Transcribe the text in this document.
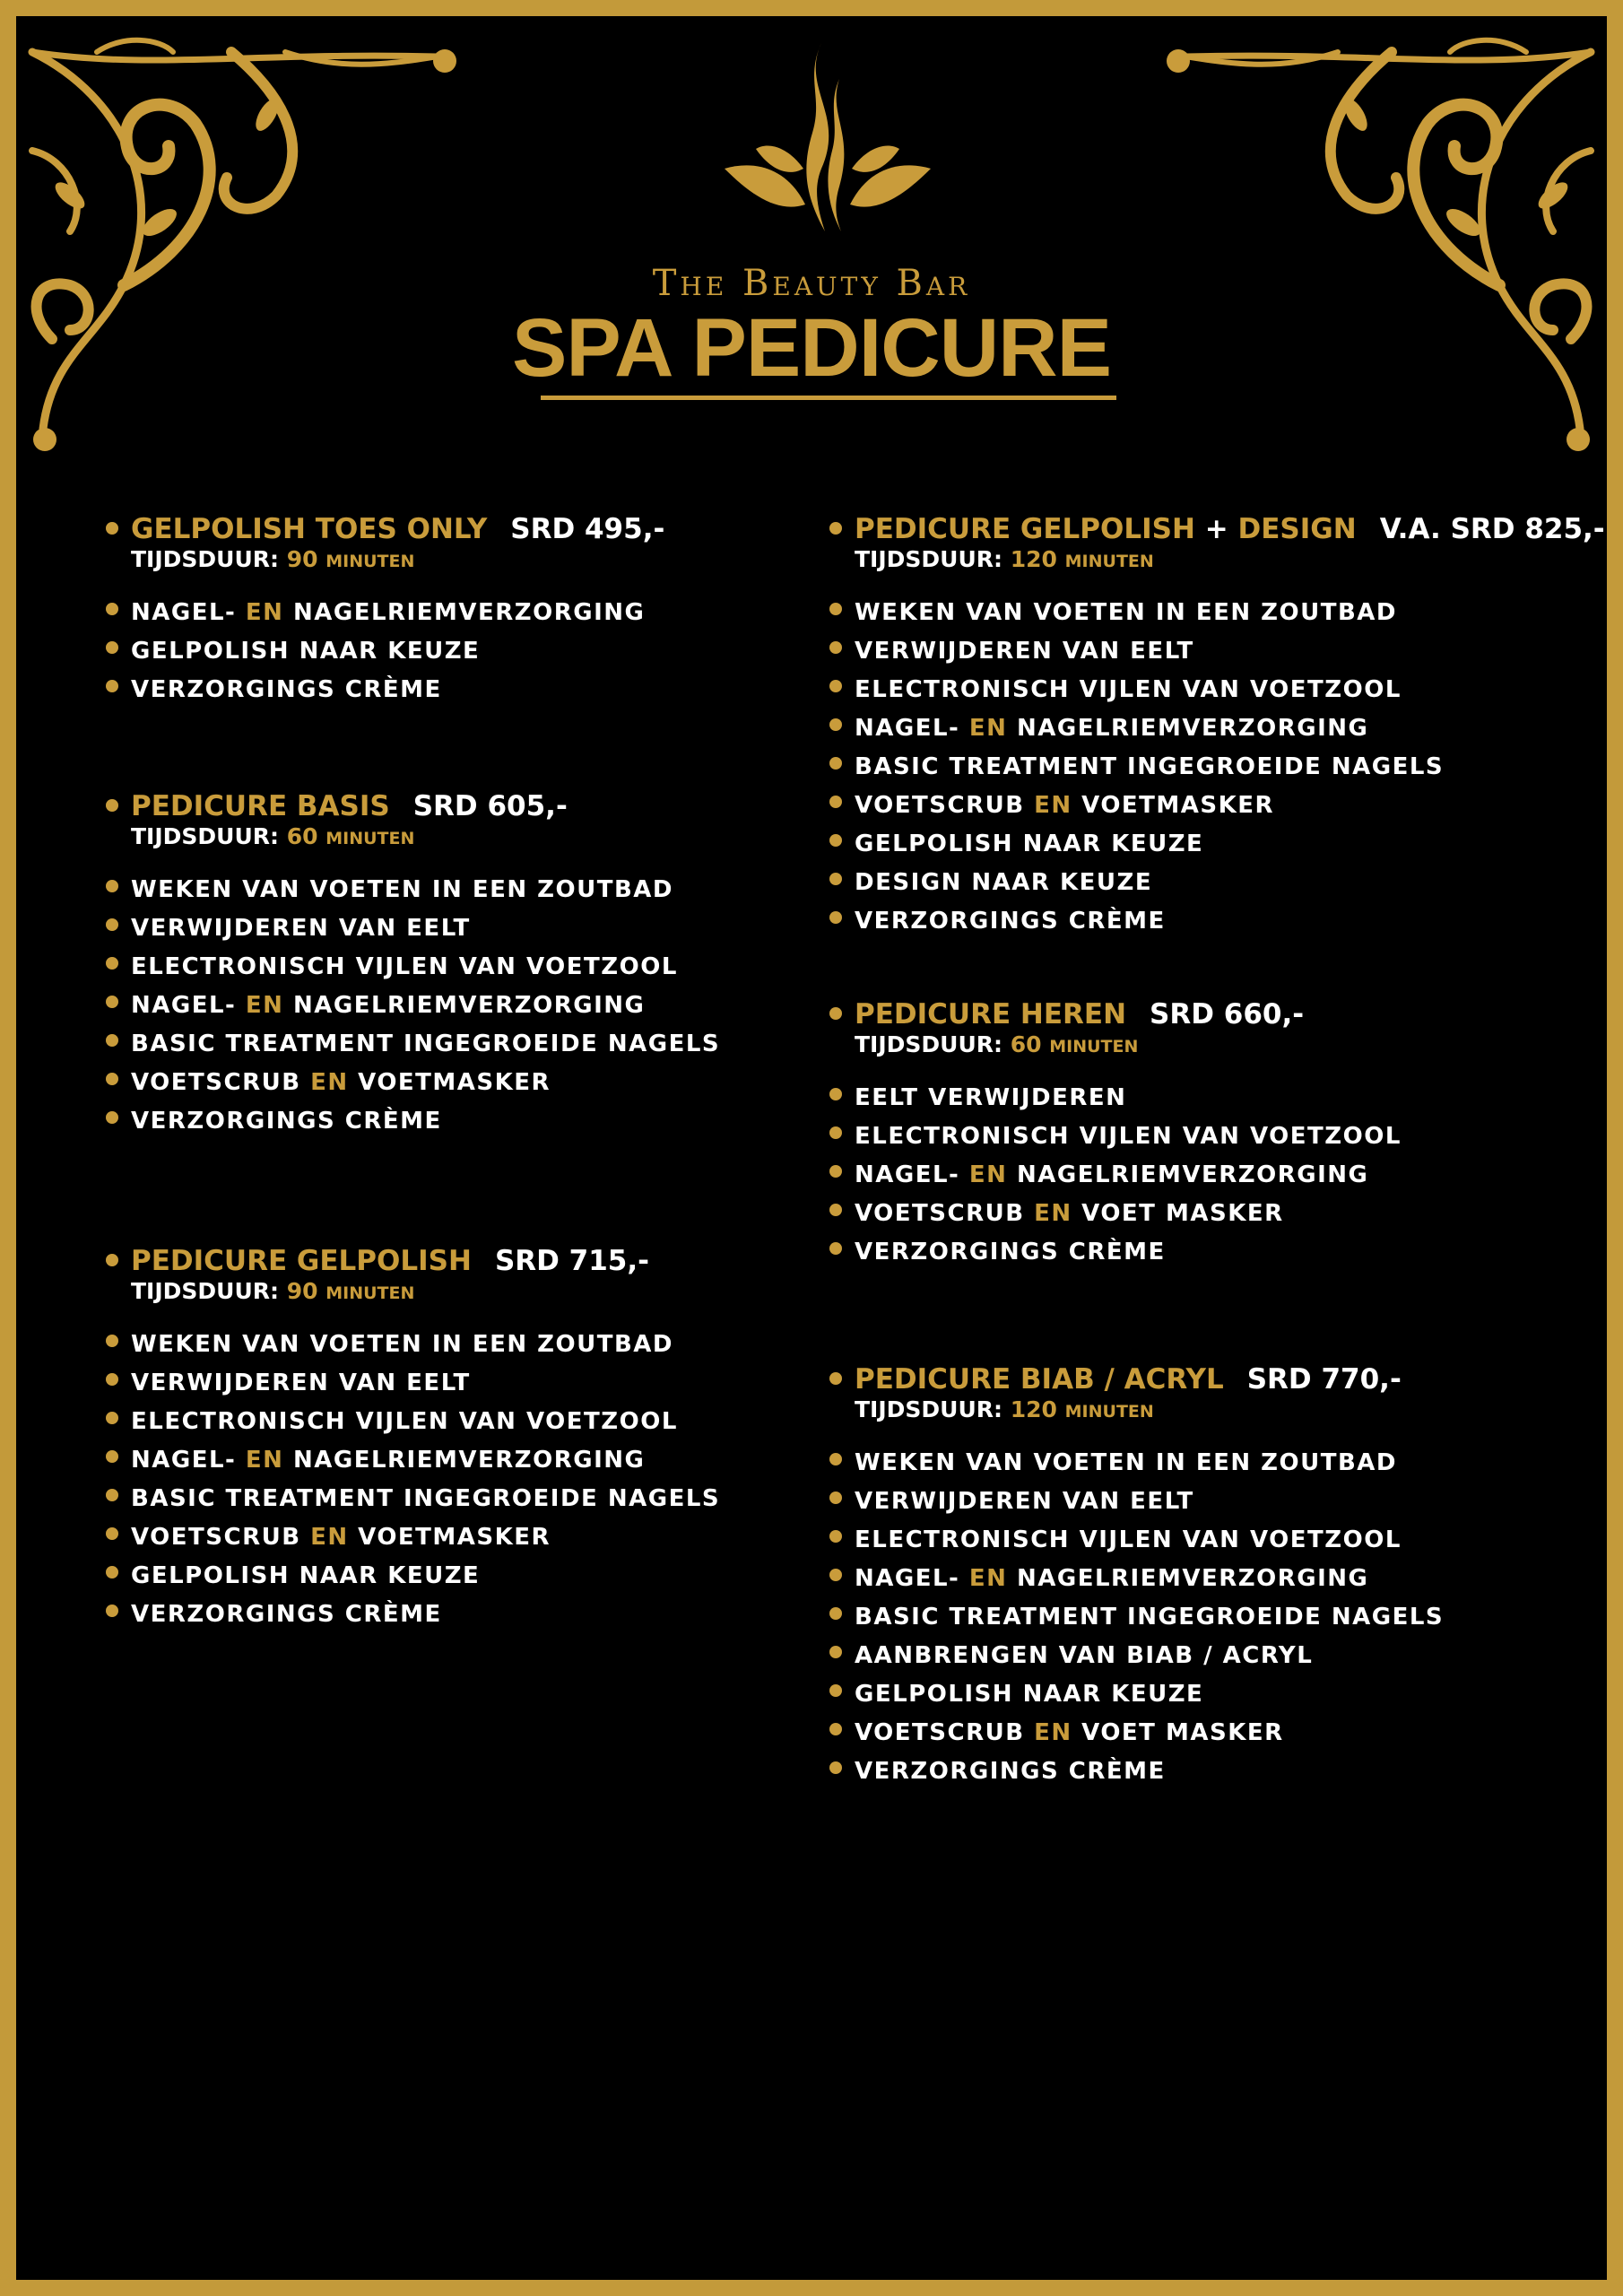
The Beauty Bar
SPA PEDICURE
GELPOLISH TOES ONLY SRD 495,-
TIJDSDUUR: 90 MINUTEN
NAGEL- EN NAGELRIEMVERZORGING
GELPOLISH NAAR KEUZE
VERZORGINGS CRÈME
PEDICURE BASIS SRD 605,-
TIJDSDUUR: 60 MINUTEN
WEKEN VAN VOETEN IN EEN ZOUTBAD
VERWIJDEREN VAN EELT
ELECTRONISCH VIJLEN VAN VOETZOOL
NAGEL- EN NAGELRIEMVERZORGING
BASIC TREATMENT INGEGROEIDE NAGELS
VOETSCRUB EN VOETMASKER
VERZORGINGS CRÈME
PEDICURE GELPOLISH SRD 715,-
TIJDSDUUR: 90 MINUTEN
WEKEN VAN VOETEN IN EEN ZOUTBAD
VERWIJDEREN VAN EELT
ELECTRONISCH VIJLEN VAN VOETZOOL
NAGEL- EN NAGELRIEMVERZORGING
BASIC TREATMENT INGEGROEIDE NAGELS
VOETSCRUB EN VOETMASKER
GELPOLISH NAAR KEUZE
VERZORGINGS CRÈME
PEDICURE GELPOLISH + DESIGN V.A. SRD 825,-
TIJDSDUUR: 120 MINUTEN
WEKEN VAN VOETEN IN EEN ZOUTBAD
VERWIJDEREN VAN EELT
ELECTRONISCH VIJLEN VAN VOETZOOL
NAGEL- EN NAGELRIEMVERZORGING
BASIC TREATMENT INGEGROEIDE NAGELS
VOETSCRUB EN VOETMASKER
GELPOLISH NAAR KEUZE
DESIGN NAAR KEUZE
VERZORGINGS CRÈME
PEDICURE HEREN SRD 660,-
TIJDSDUUR: 60 MINUTEN
EELT VERWIJDEREN
ELECTRONISCH VIJLEN VAN VOETZOOL
NAGEL- EN NAGELRIEMVERZORGING
VOETSCRUB EN VOET MASKER
VERZORGINGS CRÈME
PEDICURE BIAB / ACRYL SRD 770,-
TIJDSDUUR: 120 MINUTEN
WEKEN VAN VOETEN IN EEN ZOUTBAD
VERWIJDEREN VAN EELT
ELECTRONISCH VIJLEN VAN VOETZOOL
NAGEL- EN NAGELRIEMVERZORGING
BASIC TREATMENT INGEGROEIDE NAGELS
AANBRENGEN VAN BIAB / ACRYL
GELPOLISH NAAR KEUZE
VOETSCRUB EN VOET MASKER
VERZORGINGS CRÈME
